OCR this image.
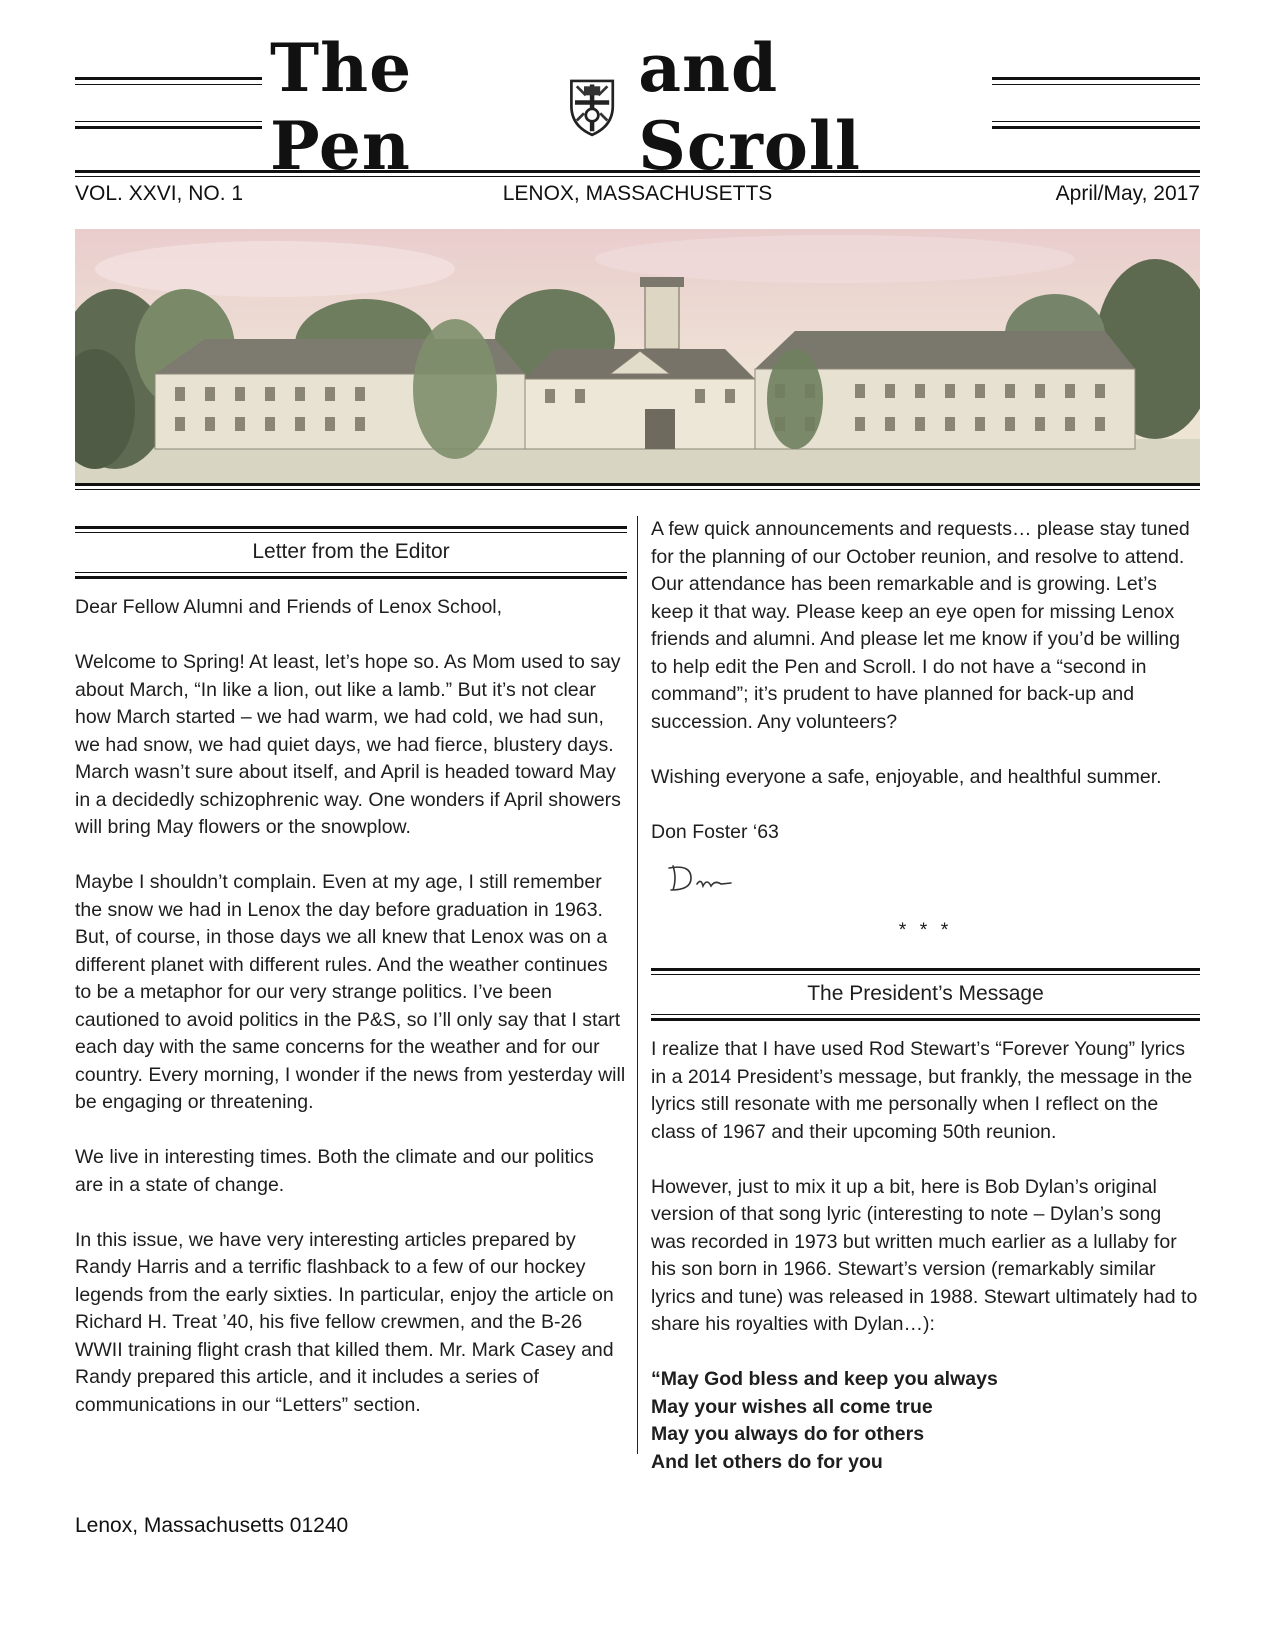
The Pen
and Scroll
VOL. XXVI, NO. 1	LENOX, MASSACHUSETTS	April/May, 2017
Letter from the Editor

Dear Fellow Alumni and Friends of Lenox School,

Welcome to Spring! At least, let’s hope so. As Mom used to say about March, “In like a lion, out like a lamb.” But it’s not clear how March started – we had warm, we had cold, we had sun, we had snow, we had quiet days, we had fierce, blustery days. March wasn’t sure about itself, and April is headed toward May in a decidedly schizophrenic way. One wonders if April showers will bring May flowers or the snowplow.

Maybe I shouldn’t complain. Even at my age, I still remember the snow we had in Lenox the day before graduation in 1963. But, of course, in those days we all knew that Lenox was on a different planet with different rules. And the weather continues to be a metaphor for our very strange politics. I’ve been cautioned to avoid politics in the P&S, so I’ll only say that I start each day with the same concerns for the weather and for our country. Every morning, I wonder if the news from yesterday will be engaging or threatening.

We live in interesting times. Both the climate and our politics are in a state of change.

In this issue, we have very interesting articles prepared by Randy Harris and a terrific flashback to a few of our hockey legends from the early sixties. In particular, enjoy the article on Richard H. Treat ’40, his five fellow crewmen, and the B-26 WWII training flight crash that killed them. Mr. Mark Casey and Randy prepared this article, and it includes a series of communications in our “Letters” section.

A few quick announcements and requests… please stay tuned for the planning of our October reunion, and resolve to attend. Our attendance has been remarkable and is growing. Let’s keep it that way. Please keep an eye open for missing Lenox friends and alumni. And please let me know if you’d be willing to help edit the Pen and Scroll. I do not have a “second in command”; it’s prudent to have planned for back-up and succession. Any volunteers?

Wishing everyone a safe, enjoyable, and healthful summer.

Don Foster ‘63

* * *
The President’s Message

I realize that I have used Rod Stewart’s “Forever Young” lyrics in a 2014 President’s message, but frankly, the message in the lyrics still resonate with me personally when I reflect on the class of 1967 and their upcoming 50th reunion.

However, just to mix it up a bit, here is Bob Dylan’s original version of that song lyric (interesting to note – Dylan’s song was recorded in 1973 but written much earlier as a lullaby for his son born in 1966. Stewart’s version (remarkably similar lyrics and tune) was released in 1988. Stewart ultimately had to share his royalties with Dylan…):

“May God bless and keep you always

May your wishes all come true

May you always do for others

And let others do for you

Lenox, Massachusetts 01240
